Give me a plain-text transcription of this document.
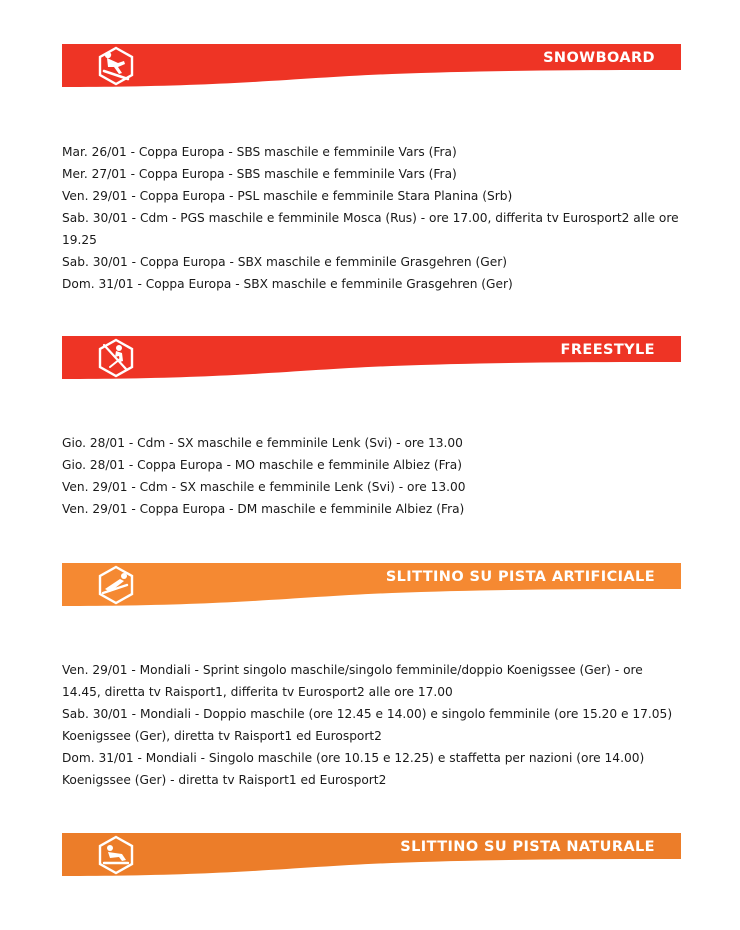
SNOWBOARD
Mar. 26/01 - Coppa Europa - SBS maschile e femminile Vars (Fra)
Mer. 27/01 - Coppa Europa - SBS maschile e femminile Vars (Fra)
Ven. 29/01 - Coppa Europa - PSL maschile e femminile Stara Planina (Srb)
Sab. 30/01 - Cdm - PGS maschile e femminile Mosca (Rus) - ore 17.00, differita tv Eurosport2 alle ore
19.25
Sab. 30/01 - Coppa Europa - SBX maschile e femminile Grasgehren (Ger)
Dom. 31/01 - Coppa Europa - SBX maschile e femminile Grasgehren (Ger)
FREESTYLE
Gio. 28/01 - Cdm - SX maschile e femminile Lenk (Svi) - ore 13.00
Gio. 28/01 - Coppa Europa - MO maschile e femminile Albiez (Fra)
Ven. 29/01 - Cdm - SX maschile e femminile Lenk (Svi) - ore 13.00
Ven. 29/01 - Coppa Europa - DM maschile e femminile Albiez (Fra)
SLITTINO SU PISTA ARTIFICIALE
Ven. 29/01 - Mondiali - Sprint singolo maschile/singolo femminile/doppio Koenigssee (Ger) - ore
14.45, diretta tv Raisport1, differita tv Eurosport2 alle ore 17.00
Sab. 30/01 - Mondiali - Doppio maschile (ore 12.45 e 14.00) e singolo femminile (ore 15.20 e 17.05)
Koenigssee (Ger), diretta tv Raisport1 ed Eurosport2
Dom. 31/01 - Mondiali - Singolo maschile (ore 10.15 e 12.25) e staffetta per nazioni (ore 14.00)
Koenigssee (Ger) - diretta tv Raisport1 ed Eurosport2
SLITTINO SU PISTA NATURALE
